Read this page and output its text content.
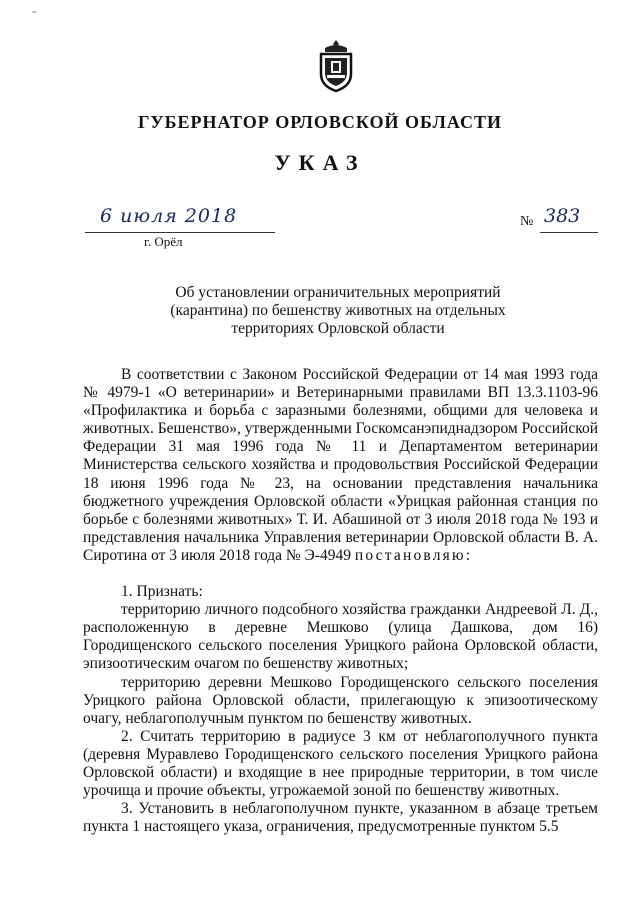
-
ГУБЕРНАТОР ОРЛОВСКОЙ ОБЛАСТИ
УКАЗ
6 июля 2018
г. Орёл
№ 383
Об установлении ограничительных мероприятий
(карантина) по бешенству животных на отдельных
территориях Орловской области

В соответствии с Законом Российской Федерации от 14 мая 1993 года № 4979-1 «О ветеринарии» и Ветеринарными правилами ВП 13.3.1103-96 «Профилактика и борьба с заразными болезнями, общими для человека и животных. Бешенство», утвержденными Госкомсанэпиднадзором Российской Федерации 31 мая 1996 года № 11 и Департаментом ветеринарии Министерства сельского хозяйства и продовольствия Российской Федерации 18 июня 1996 года № 23, на основании представления начальника бюджетного учреждения Орловской области «Урицкая районная станция по борьбе с болезнями животных» Т. И. Абашиной от 3 июля 2018 года № 193 и представления начальника Управления ветеринарии Орловской области В. А. Сиротина от 3 июля 2018 года № Э-4949 постановляю:

1. Признать:

территорию личного подсобного хозяйства гражданки Андреевой Л. Д., расположенную в деревне Мешково (улица Дашкова, дом 16) Городищенского сельского поселения Урицкого района Орловской области, эпизоотическим очагом по бешенству животных;

территорию деревни Мешково Городищенского сельского поселения Урицкого района Орловской области, прилегающую к эпизоотическому очагу, неблагополучным пунктом по бешенству животных.

2. Считать территорию в радиусе 3 км от неблагополучного пункта (деревня Муравлево Городищенского сельского поселения Урицкого района Орловской области) и входящие в нее природные территории, в том числе урочища и прочие объекты, угрожаемой зоной по бешенству животных.

3. Установить в неблагополучном пункте, указанном в абзаце третьем пункта 1 настоящего указа, ограничения, предусмотренные пунктом 5.5
